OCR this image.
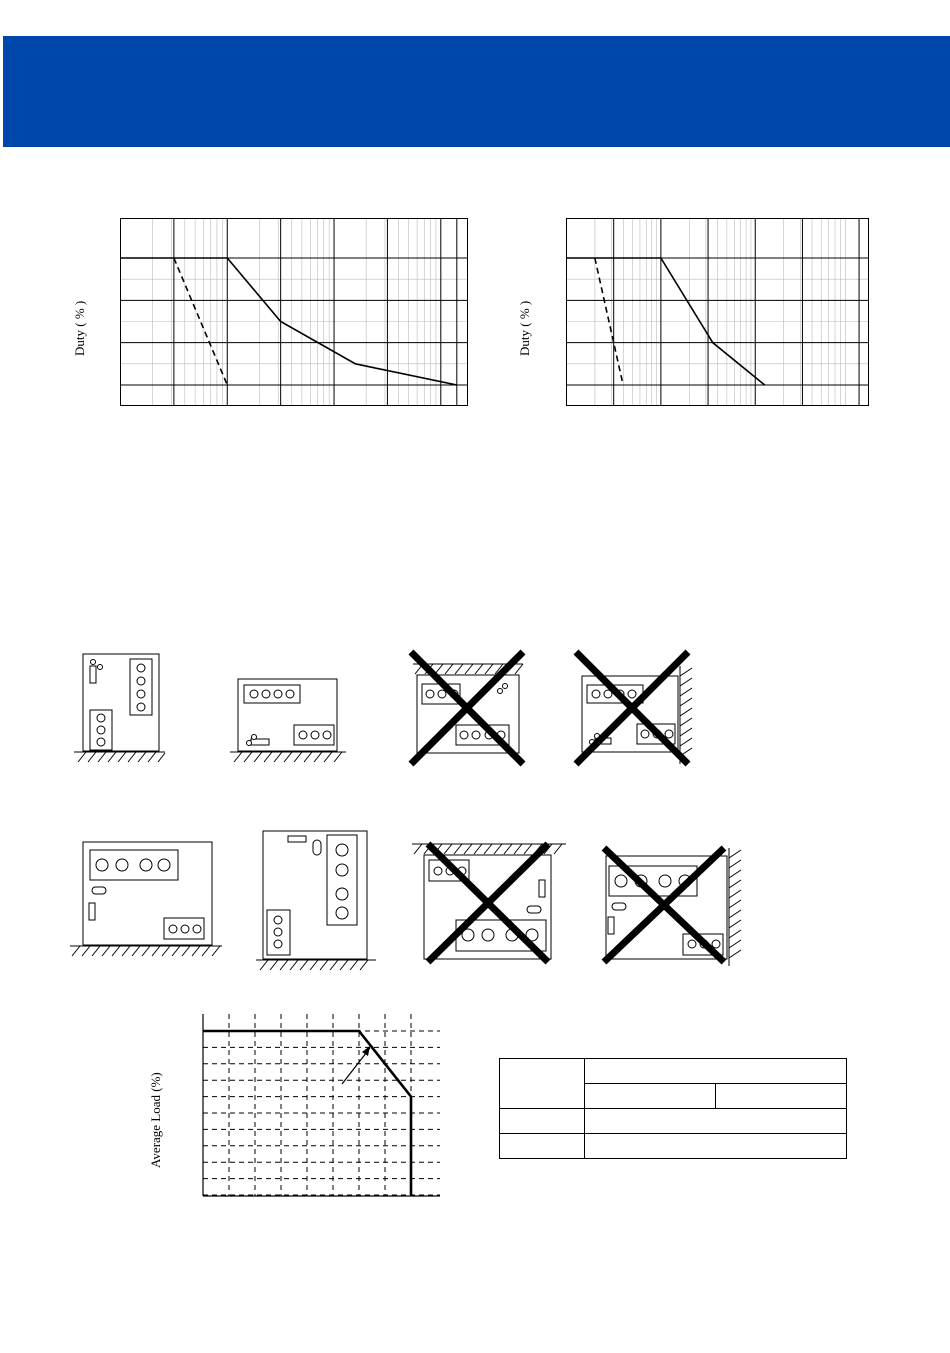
Duty ( % )	Duty ( % )
Average Load (%)
